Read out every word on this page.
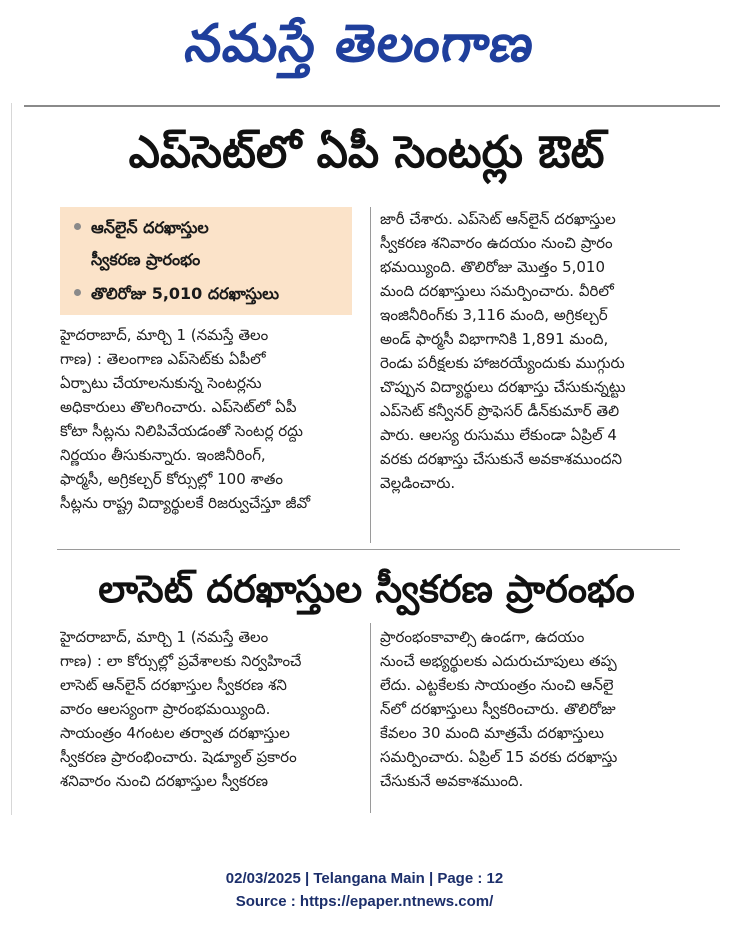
నమస్తే తెలంగాణ
ఎప్‌సెట్‌లో ఏపీ సెంటర్లు ఔట్
ఆన్‌లైన్ దరఖాస్తుల
స్వీకరణ ప్రారంభం
తొలిరోజు 5,010 దరఖాస్తులు
హైదరాబాద్, మార్చి 1 (నమస్తే తెలం
గాణ) : తెలంగాణ ఎప్‌సెట్‌కు ఏపీలో
ఏర్పాటు చేయాలనుకున్న సెంటర్లను
అధికారులు తొలగించారు. ఎప్‌సెట్‌లో ఏపీ
కోటా సీట్లను నిలిపివేయడంతో సెంటర్ల రద్దు
నిర్ణయం తీసుకున్నారు. ఇంజినీరింగ్,
ఫార్మసీ, అగ్రికల్చర్ కోర్సుల్లో 100 శాతం
సీట్లను రాష్ట్ర విద్యార్థులకే రిజర్వుచేస్తూ జీవో
జారీ చేశారు. ఎప్‌సెట్ ఆన్‌లైన్ దరఖాస్తుల
స్వీకరణ శనివారం ఉదయం నుంచి ప్రారం
భమయ్యింది. తొలిరోజు మొత్తం 5,010
మంది దరఖాస్తులు సమర్పించారు. వీరిలో
ఇంజినీరింగ్‌కు 3,116 మంది, అగ్రికల్చర్
అండ్ ఫార్మసీ విభాగానికి 1,891 మంది,
రెండు పరీక్షలకు హాజరయ్యేందుకు ముగ్గురు
చొప్పున విద్యార్థులు దరఖాస్తు చేసుకున్నట్టు
ఎప్‌సెట్ కన్వీనర్ ప్రొఫెసర్ డీన్‌కుమార్ తెలి
పారు. ఆలస్య రుసుము లేకుండా ఏప్రిల్ 4
వరకు దరఖాస్తు చేసుకునే అవకాశముందని
వెల్లడించారు.
లాసెట్ దరఖాస్తుల స్వీకరణ ప్రారంభం
హైదరాబాద్, మార్చి 1 (నమస్తే తెలం
గాణ) : లా కోర్సుల్లో ప్రవేశాలకు నిర్వహించే
లాసెట్ ఆన్‌లైన్ దరఖాస్తుల స్వీకరణ శని
వారం ఆలస్యంగా ప్రారంభమయ్యింది.
సాయంత్రం 4గంటల తర్వాత దరఖాస్తుల
స్వీకరణ ప్రారంభించారు. షెడ్యూల్ ప్రకారం
శనివారం నుంచి దరఖాస్తుల స్వీకరణ
ప్రారంభంకావాల్సి ఉండగా, ఉదయం
నుంచే అభ్యర్థులకు ఎదురుచూపులు తప్ప
లేదు. ఎట్టకేలకు సాయంత్రం నుంచి ఆన్‌లై
న్‌లో దరఖాస్తులు స్వీకరించారు. తొలిరోజు
కేవలం 30 మంది మాత్రమే దరఖాస్తులు
సమర్పించారు. ఏప్రిల్ 15 వరకు దరఖాస్తు
చేసుకునే అవకాశముంది.
02/03/2025 | Telangana Main | Page : 12
Source : https://epaper.ntnews.com/
